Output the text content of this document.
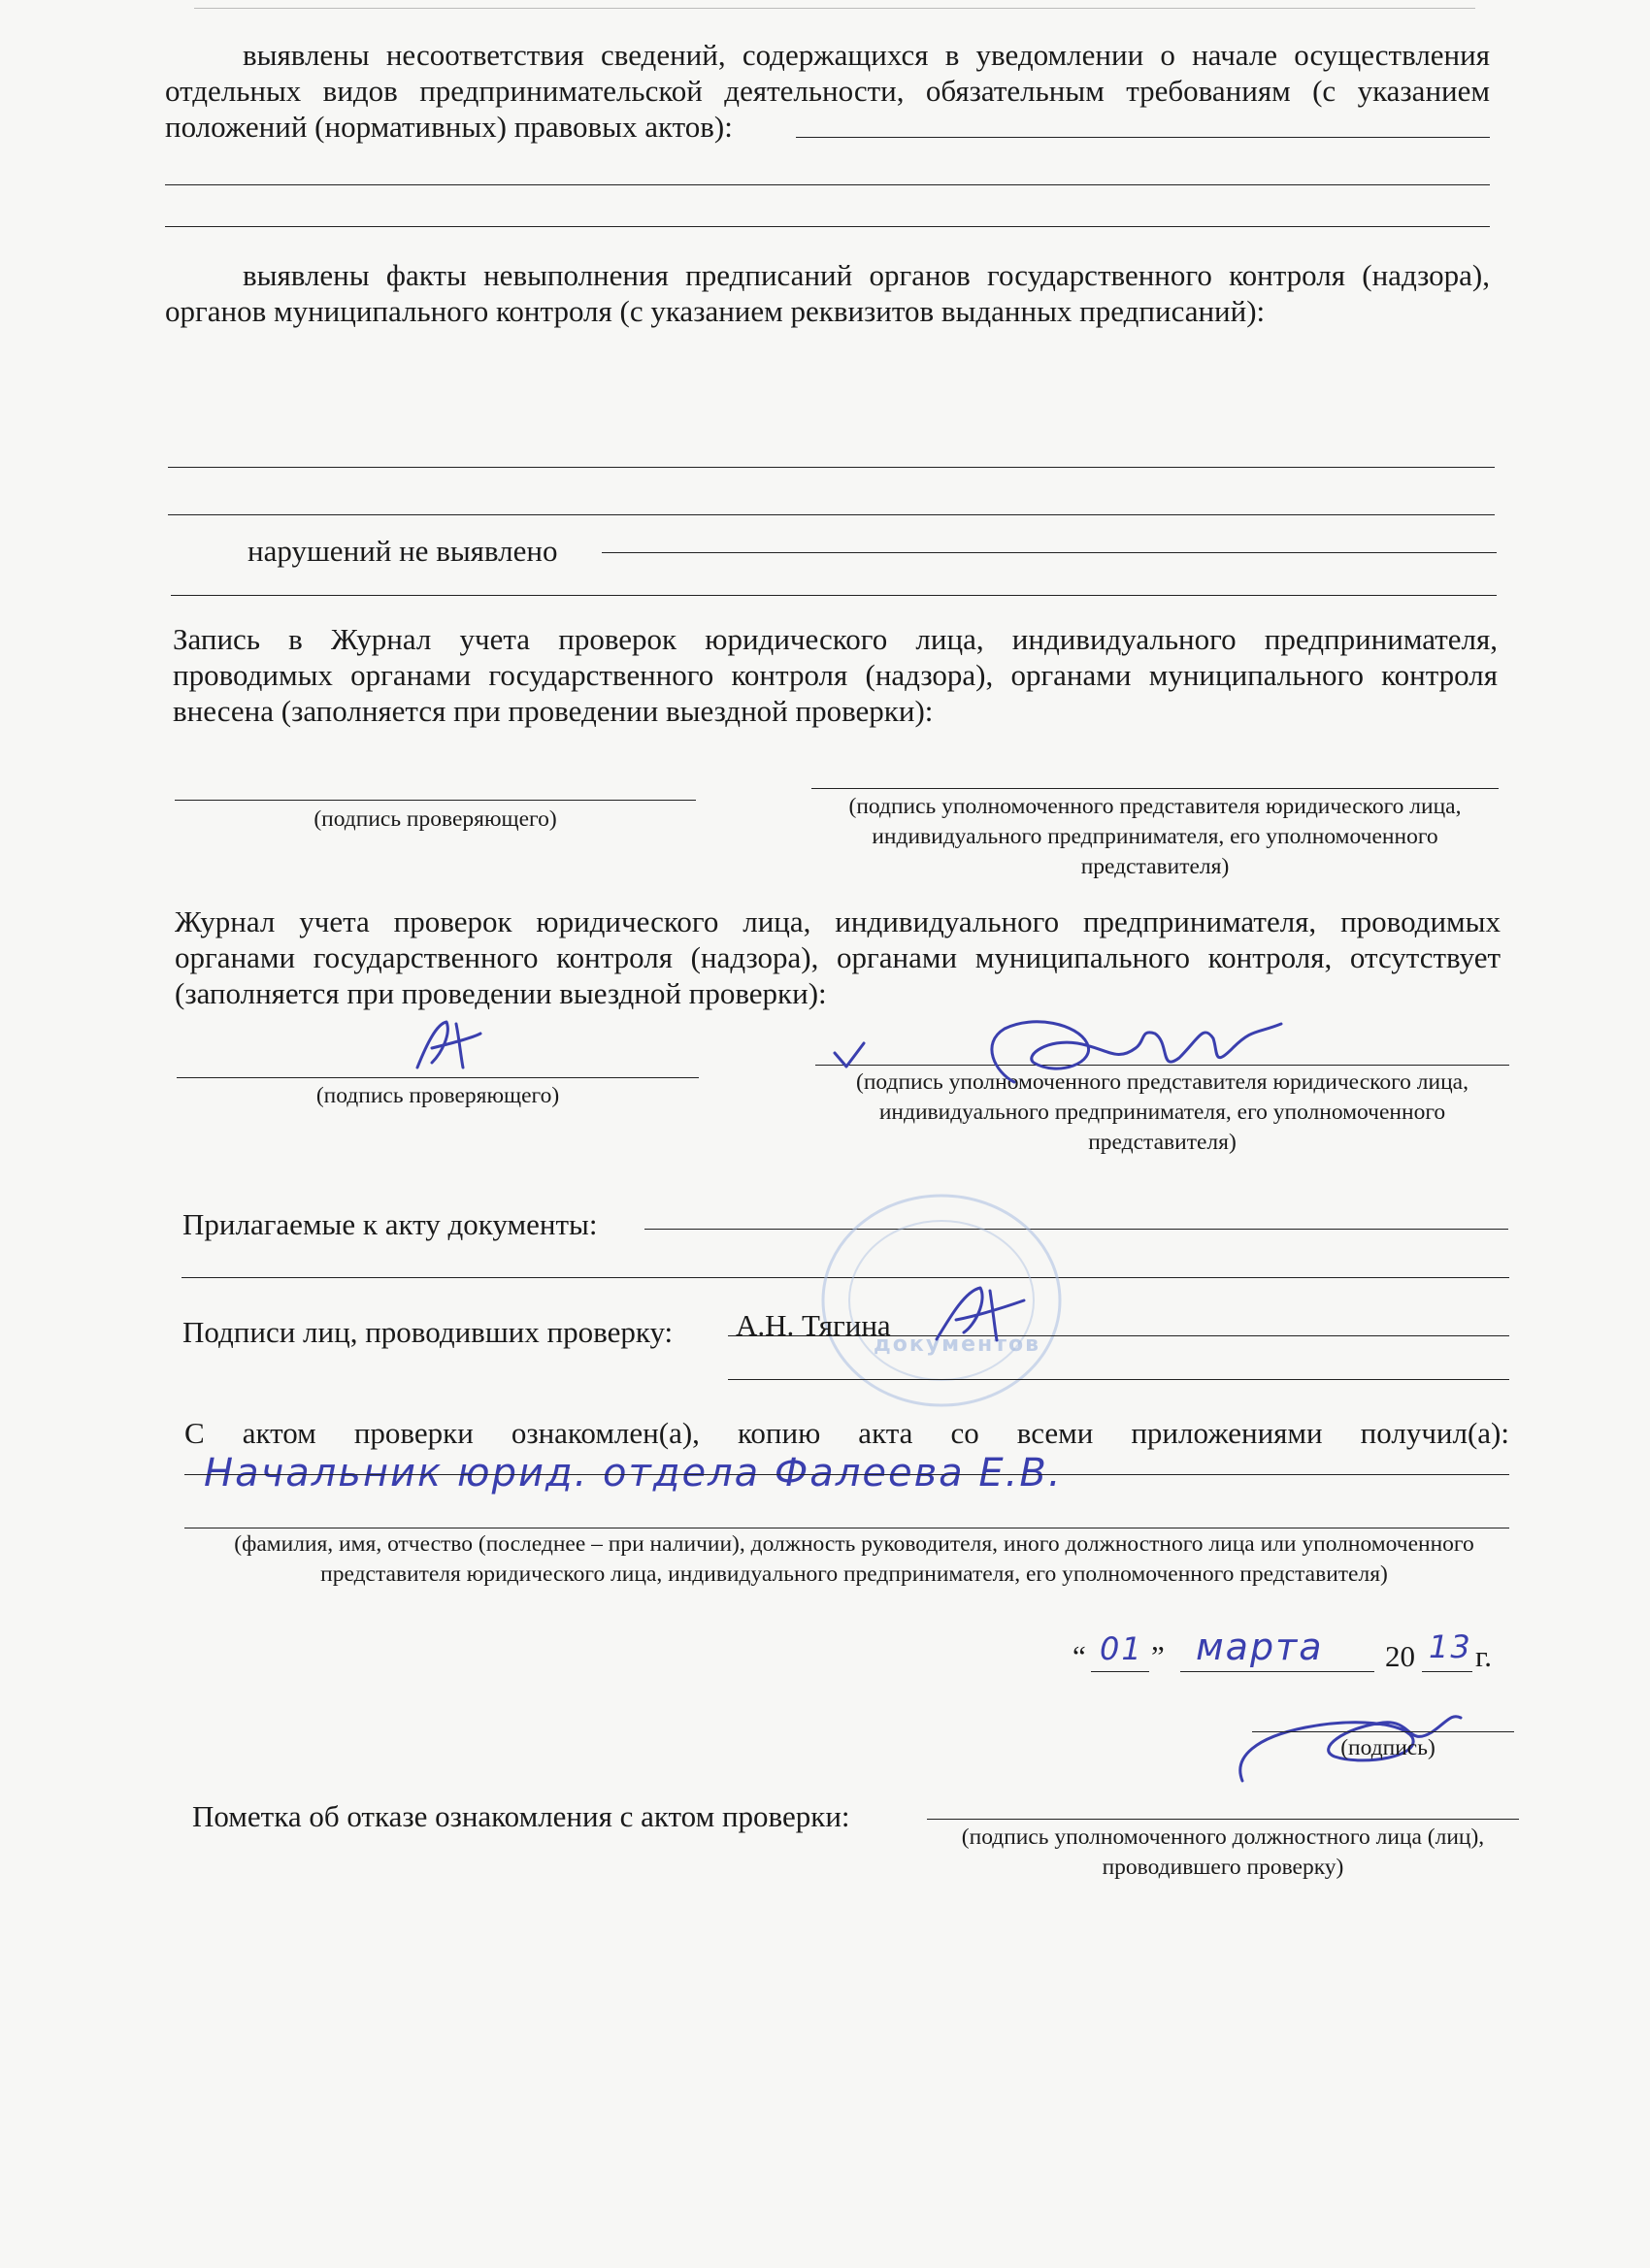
выявлены несоответствия сведений, содержащихся в уведомлении о начале осуществления отдельных видов предпринимательской деятельности, обязательным требованиям (с указанием положений (нормативных) правовых актов):
выявлены факты невыполнения предписаний органов государственного контроля (надзора), органов муниципального контроля (с указанием реквизитов выданных предписаний):
нарушений не выявлено
Запись в Журнал учета проверок юридического лица, индивидуального предпринимателя, проводимых органами государственного контроля (надзора), органами муниципального контроля внесена (заполняется при проведении выездной проверки):
(подпись проверяющего)	(подпись уполномоченного представителя юридического лица, индивидуального предпринимателя, его уполномоченного представителя)
Журнал учета проверок юридического лица, индивидуального предпринимателя, проводимых органами государственного контроля (надзора), органами муниципального контроля, отсутствует (заполняется при проведении выездной проверки):
(подпись проверяющего)
(подпись уполномоченного представителя юридического лица, индивидуального предпринимателя, его уполномоченного представителя)
Прилагаемые к акту документы:
документов
Подписи лиц, проводивших проверку: А.Н. Тягина
С актом проверки ознакомлен(а), копию акта со всеми приложениями получил(а):
Начальник юрид. отдела Фалеева Е.В.
(фамилия, имя, отчество (последнее – при наличии), должность руководителя, иного должностного лица или уполномоченного представителя юридического лица, индивидуального предпринимателя, его уполномоченного представителя)
“ 01 ” марта 20 13 г.
(подпись)
Пометка об отказе ознакомления с актом проверки:
(подпись уполномоченного должностного лица (лиц), проводившего проверку)
